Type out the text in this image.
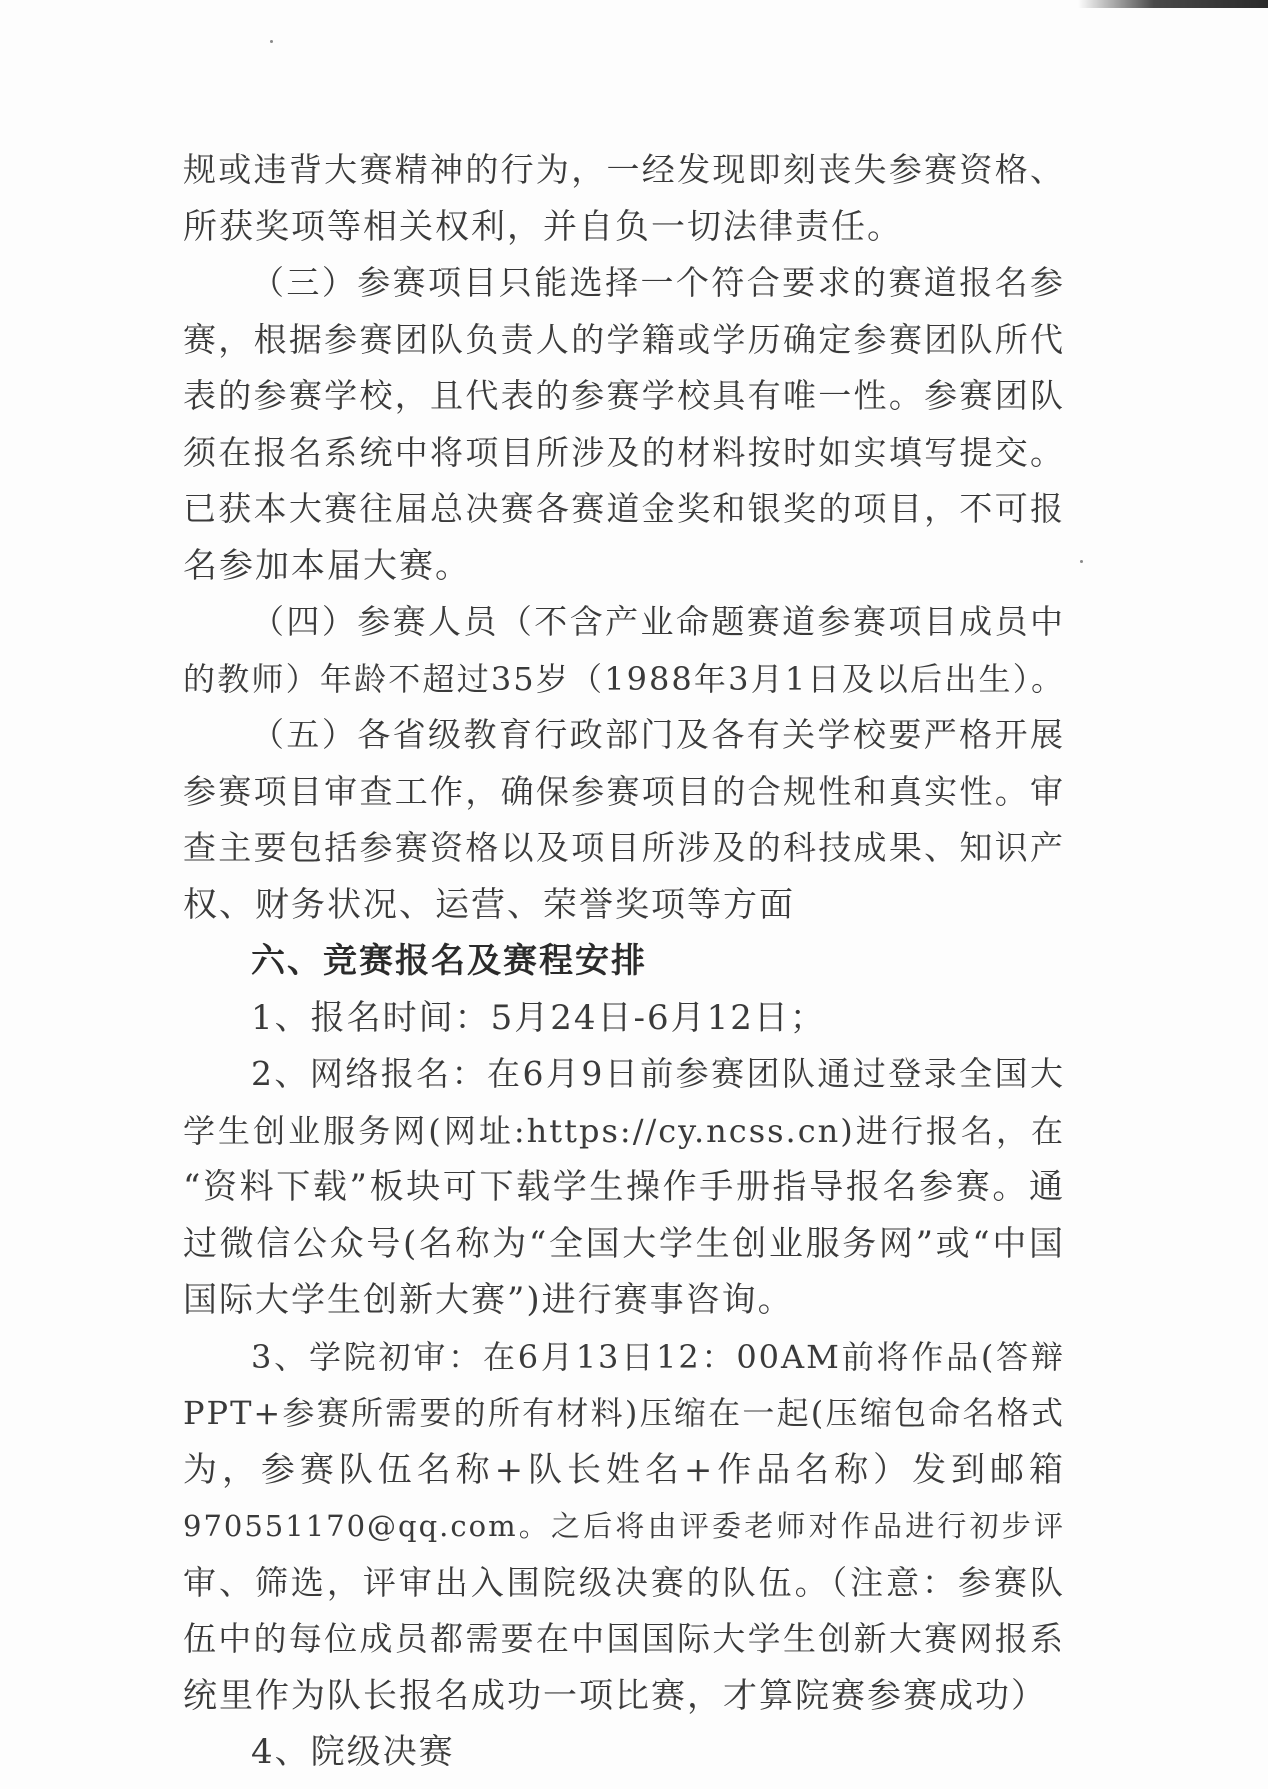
规或违背大赛精神的行为，一经发现即刻丧失参赛资格、
所获奖项等相关权利，并自负一切法律责任。
（三）参赛项目只能选择一个符合要求的赛道报名参
赛，根据参赛团队负责人的学籍或学历确定参赛团队所代
表的参赛学校，且代表的参赛学校具有唯一性。参赛团队
须在报名系统中将项目所涉及的材料按时如实填写提交。
已获本大赛往届总决赛各赛道金奖和银奖的项目，不可报
名参加本届大赛。
（四）参赛人员（不含产业命题赛道参赛项目成员中
的教师）年龄不超过35岁（1988年3月1日及以后出生）。
（五）各省级教育行政部门及各有关学校要严格开展
参赛项目审查工作，确保参赛项目的合规性和真实性。审
查主要包括参赛资格以及项目所涉及的科技成果、知识产
权、财务状况、运营、荣誉奖项等方面
六、竞赛报名及赛程安排
1、报名时间：5月24日-6月12日；
2、网络报名：在6月9日前参赛团队通过登录全国大
学生创业服务网(网址:https://cy.ncss.cn)进行报名，在
“资料下载”板块可下载学生操作手册指导报名参赛。通
过微信公众号(名称为“全国大学生创业服务网”或“中国
国际大学生创新大赛”)进行赛事咨询。
3、学院初审：在6月13日12：00AM前将作品(答辩
PPT+参赛所需要的所有材料)压缩在一起(压缩包命名格式
为，参赛队伍名称+队长姓名+作品名称）发到邮箱
970551170@qq.com。之后将由评委老师对作品进行初步评
审、筛选，评审出入围院级决赛的队伍。（注意：参赛队
伍中的每位成员都需要在中国国际大学生创新大赛网报系
统里作为队长报名成功一项比赛，才算院赛参赛成功）
4、院级决赛
